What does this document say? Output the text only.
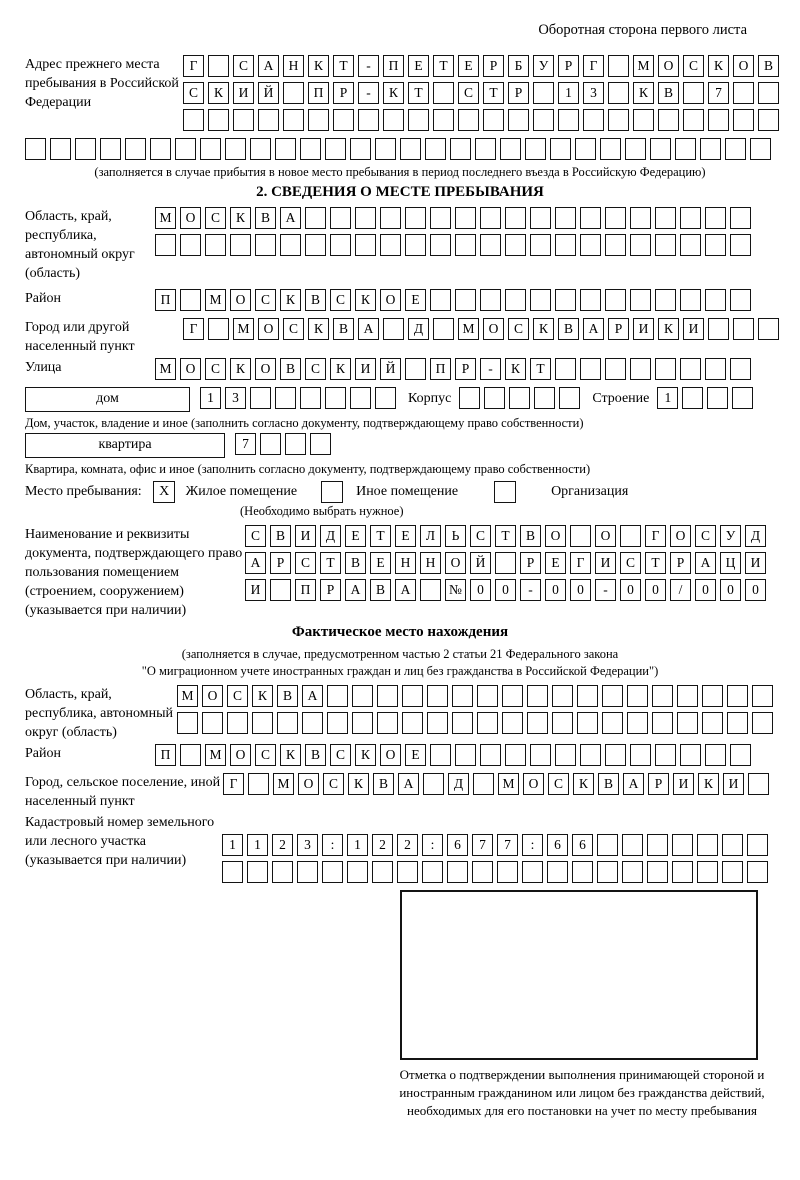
Оборотная сторона первого листа
Адрес прежнего места пребывания в Российской Федерации
Г	С А Н К Т - П Е Т Е Р Б У Р Г	М О С К О В
С К И Й	П Р - К Т	С Т Р	1 3	К В	7
(заполняется в случае прибытия в новое место пребывания в период последнего въезда в Российскую Федерацию)
2. СВЕДЕНИЯ О МЕСТЕ ПРЕБЫВАНИЯ
Область, край, республика, автономный округ (область)
М О С К В А
Район	П	М О С К В С К О Е
Город или другой населенный пункт
Г	М О С К В А	Д	М О С К В А Р И К И
Улица	М О С К О В С К И Й	П Р - К Т
дом	1 3	Корпус	Строение	1
Дом, участок, владение и иное (заполнить согласно документу, подтверждающему право собственности)
квартира	7
Квартира, комната, офис и иное (заполнить согласно документу, подтверждающему право собственности)
Место пребывания: X Жилое помещение	Иное помещение	Организация
(Необходимо выбрать нужное)
Наименование и реквизиты документа, подтверждающего право пользования помещением (строением, сооружением) (указывается при наличии)
С В И Д Е Т Е Л Ь С Т В О	О	Г О С У Д
А Р С Т В Е Н Н О Й	Р Е Г И С Т Р А Ц И
И	П Р А В А	№ 0 0 - 0 0 - 0 0 / 0 0 0
Фактическое место нахождения
(заполняется в случае, предусмотренном частью 2 статьи 21 Федерального закона
"О миграционном учете иностранных граждан и лиц без гражданства в Российской Федерации")
Область, край, республика, автономный округ (область)
М О С К В А
Район	П	М О С К В С К О Е
Город, сельское поселение, иной населенный пункт
Г	М О С К В А	Д	М О С К В А Р И К И
Кадастровый номер земельного или лесного участка (указывается при наличии)
1 1 2 3 : 1 2 2 : 6 7 7 : 6 6
Отметка о подтверждении выполнения принимающей стороной и иностранным гражданином или лицом без гражданства действий, необходимых для его постановки на учет по месту пребывания
